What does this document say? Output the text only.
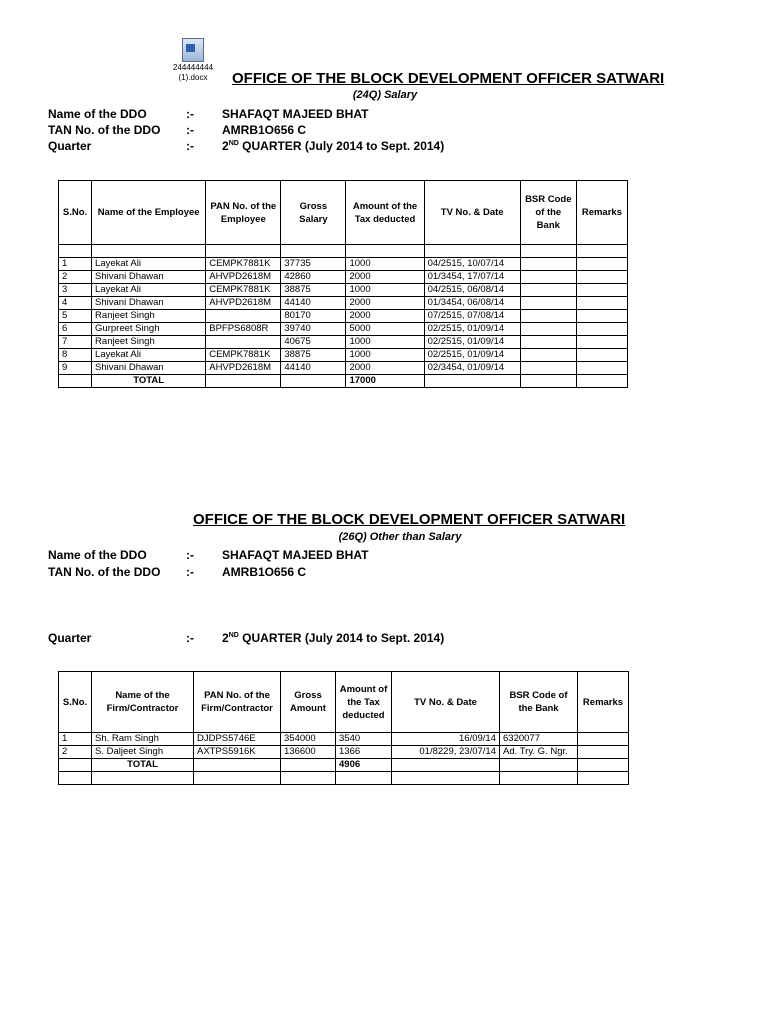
244444444
(1).docx	OFFICE OF THE BLOCK DEVELOPMENT OFFICER SATWARI
(24Q) Salary
Name of the DDO	:- SHAFAQT MAJEED BHAT
TAN No. of the DDO :- AMRB1O656 C
Quarter	:- 2ND QUARTER (July 2014 to Sept. 2014)
S.No.	Name of the Employee	PAN No. of the Employee	Gross Salary	Amount of the Tax deducted	TV No. & Date	BSR Code of the Bank	Remarks

1	Layekat Ali	CEMPK7881K	37735	1000	04/2515, 10/07/14		
2	Shivani Dhawan	AHVPD2618M	42860	2000	01/3454, 17/07/14		
3	Layekat Ali	CEMPK7881K	38875	1000	04/2515, 06/08/14		
4	Shivani Dhawan	AHVPD2618M	44140	2000	01/3454, 06/08/14		
5	Ranjeet Singh		80170	2000	07/2515, 07/08/14		
6	Gurpreet Singh	BPFPS6808R	39740	5000	02/2515, 01/09/14		
7	Ranjeet Singh		40675	1000	02/2515, 01/09/14		
8	Layekat Ali	CEMPK7881K	38875	1000	02/2515, 01/09/14		
9	Shivani Dhawan	AHVPD2618M	44140	2000	02/3454, 01/09/14		
	TOTAL			17000			
OFFICE OF THE BLOCK DEVELOPMENT OFFICER SATWARI
(26Q) Other than Salary
Name of the DDO	:- SHAFAQT MAJEED BHAT
TAN No. of the DDO :- AMRB1O656 C
Quarter	:- 2ND QUARTER (July 2014 to Sept. 2014)
S.No.	Name of the Firm/Contractor	PAN No. of the Firm/Contractor	Gross Amount	Amount of the Tax deducted	TV No. & Date	BSR Code of the Bank	Remarks
1	Sh. Ram Singh	DJDPS5746E	354000	3540	16/09/14	6320077	
2	S. Daljeet Singh	AXTPS5916K	136600	1366	01/8229, 23/07/14	Ad. Try. G. Ngr.	
	TOTAL			4906			
